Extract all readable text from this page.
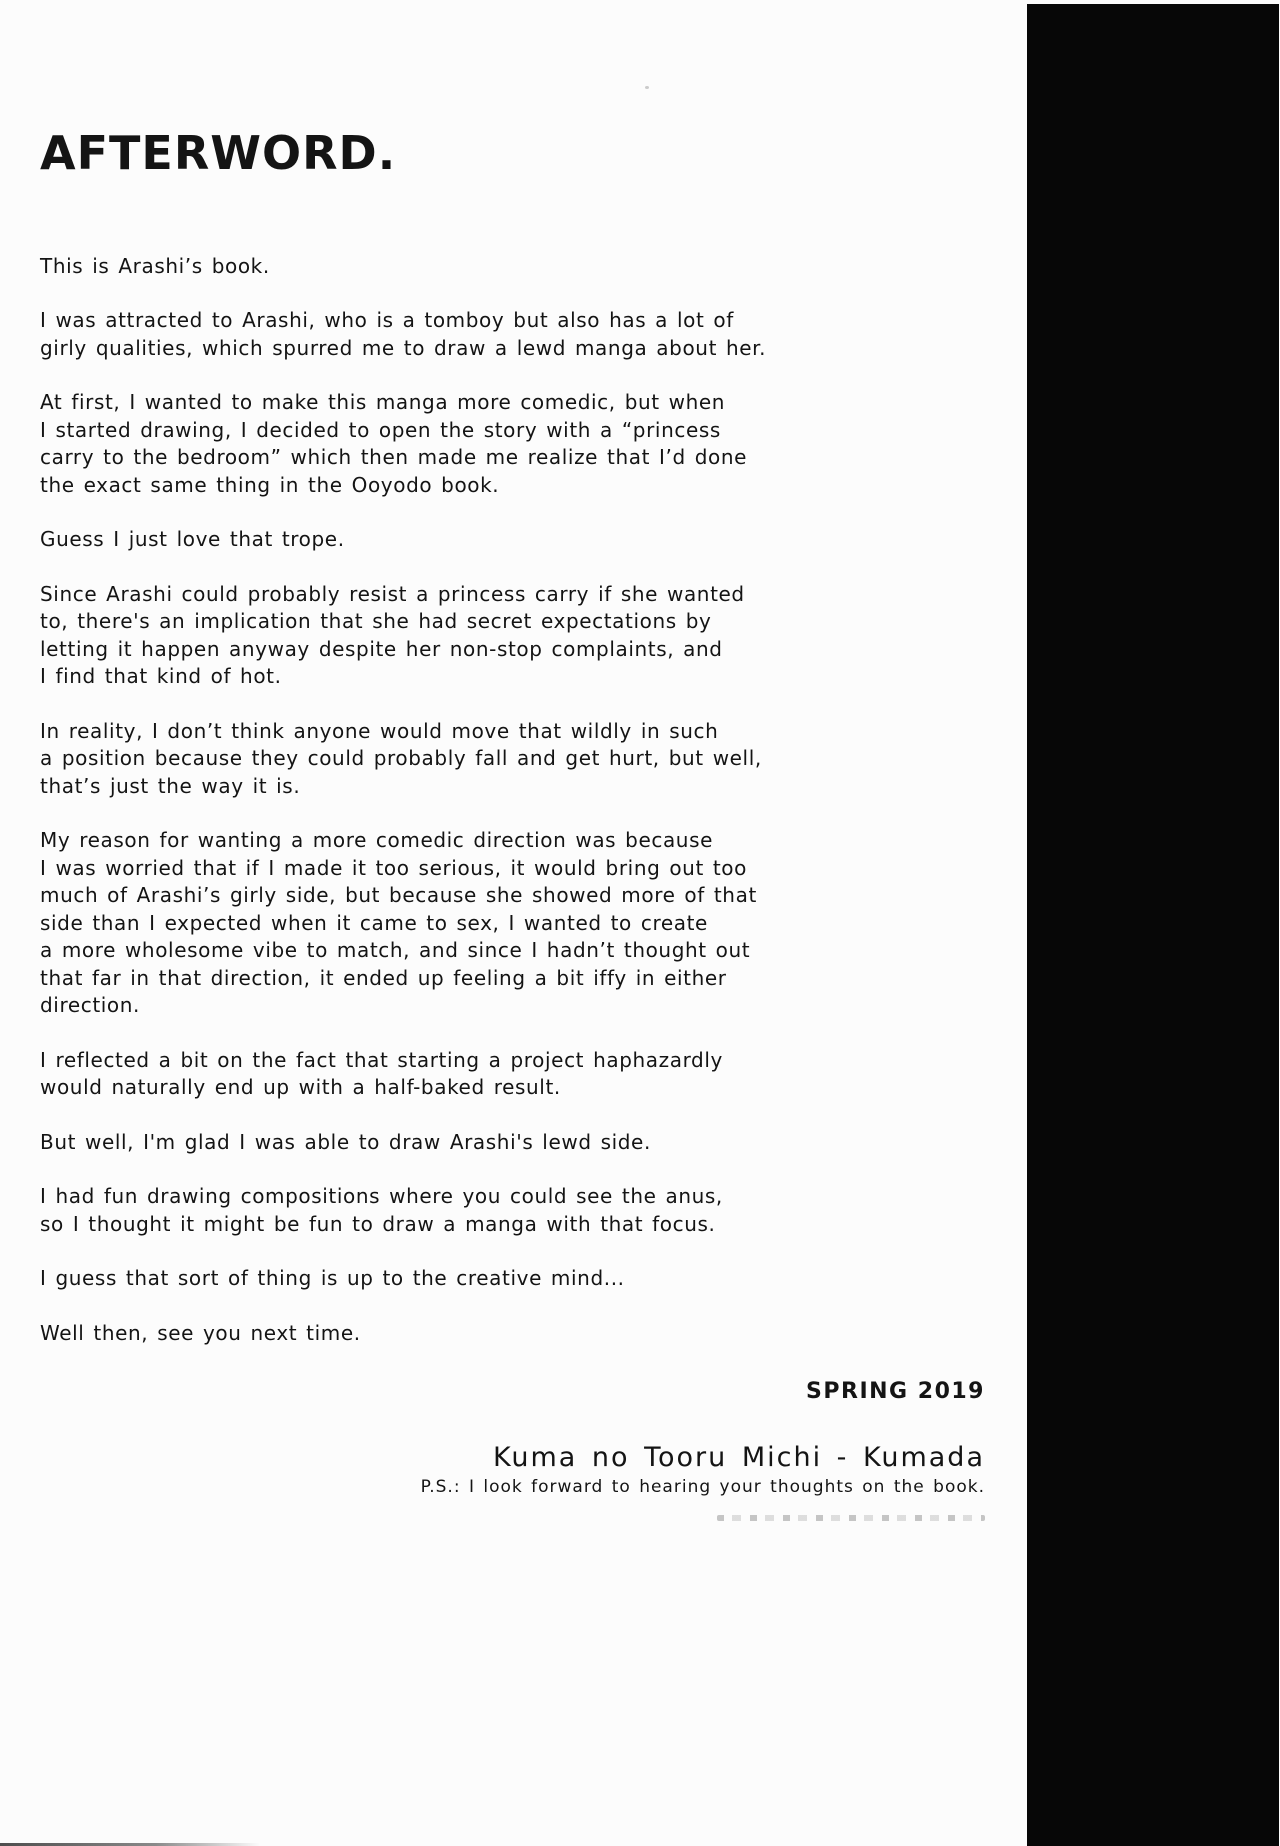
AFTERWORD.

This is Arashi’s book.

I was attracted to Arashi, who is a tomboy but also has a lot of
girly qualities, which spurred me to draw a lewd manga about her.

At first, I wanted to make this manga more comedic, but when
I started drawing, I decided to open the story with a “princess
carry to the bedroom” which then made me realize that I’d done
the exact same thing in the Ooyodo book.

Guess I just love that trope.

Since Arashi could probably resist a princess carry if she wanted
to, there's an implication that she had secret expectations by
letting it happen anyway despite her non-stop complaints, and
I find that kind of hot.

In reality, I don’t think anyone would move that wildly in such
a position because they could probably fall and get hurt, but well,
that’s just the way it is.

My reason for wanting a more comedic direction was because
I was worried that if I made it too serious, it would bring out too
much of Arashi’s girly side, but because she showed more of that
side than I expected when it came to sex, I wanted to create
a more wholesome vibe to match, and since I hadn’t thought out
that far in that direction, it ended up feeling a bit iffy in either
direction.

I reflected a bit on the fact that starting a project haphazardly
would naturally end up with a half-baked result.

But well, I'm glad I was able to draw Arashi's lewd side.

I had fun drawing compositions where you could see the anus,
so I thought it might be fun to draw a manga with that focus.

I guess that sort of thing is up to the creative mind...

Well then, see you next time.

SPRING 2019

Kuma no Tooru Michi - Kumada

P.S.: I look forward to hearing your thoughts on the book.
